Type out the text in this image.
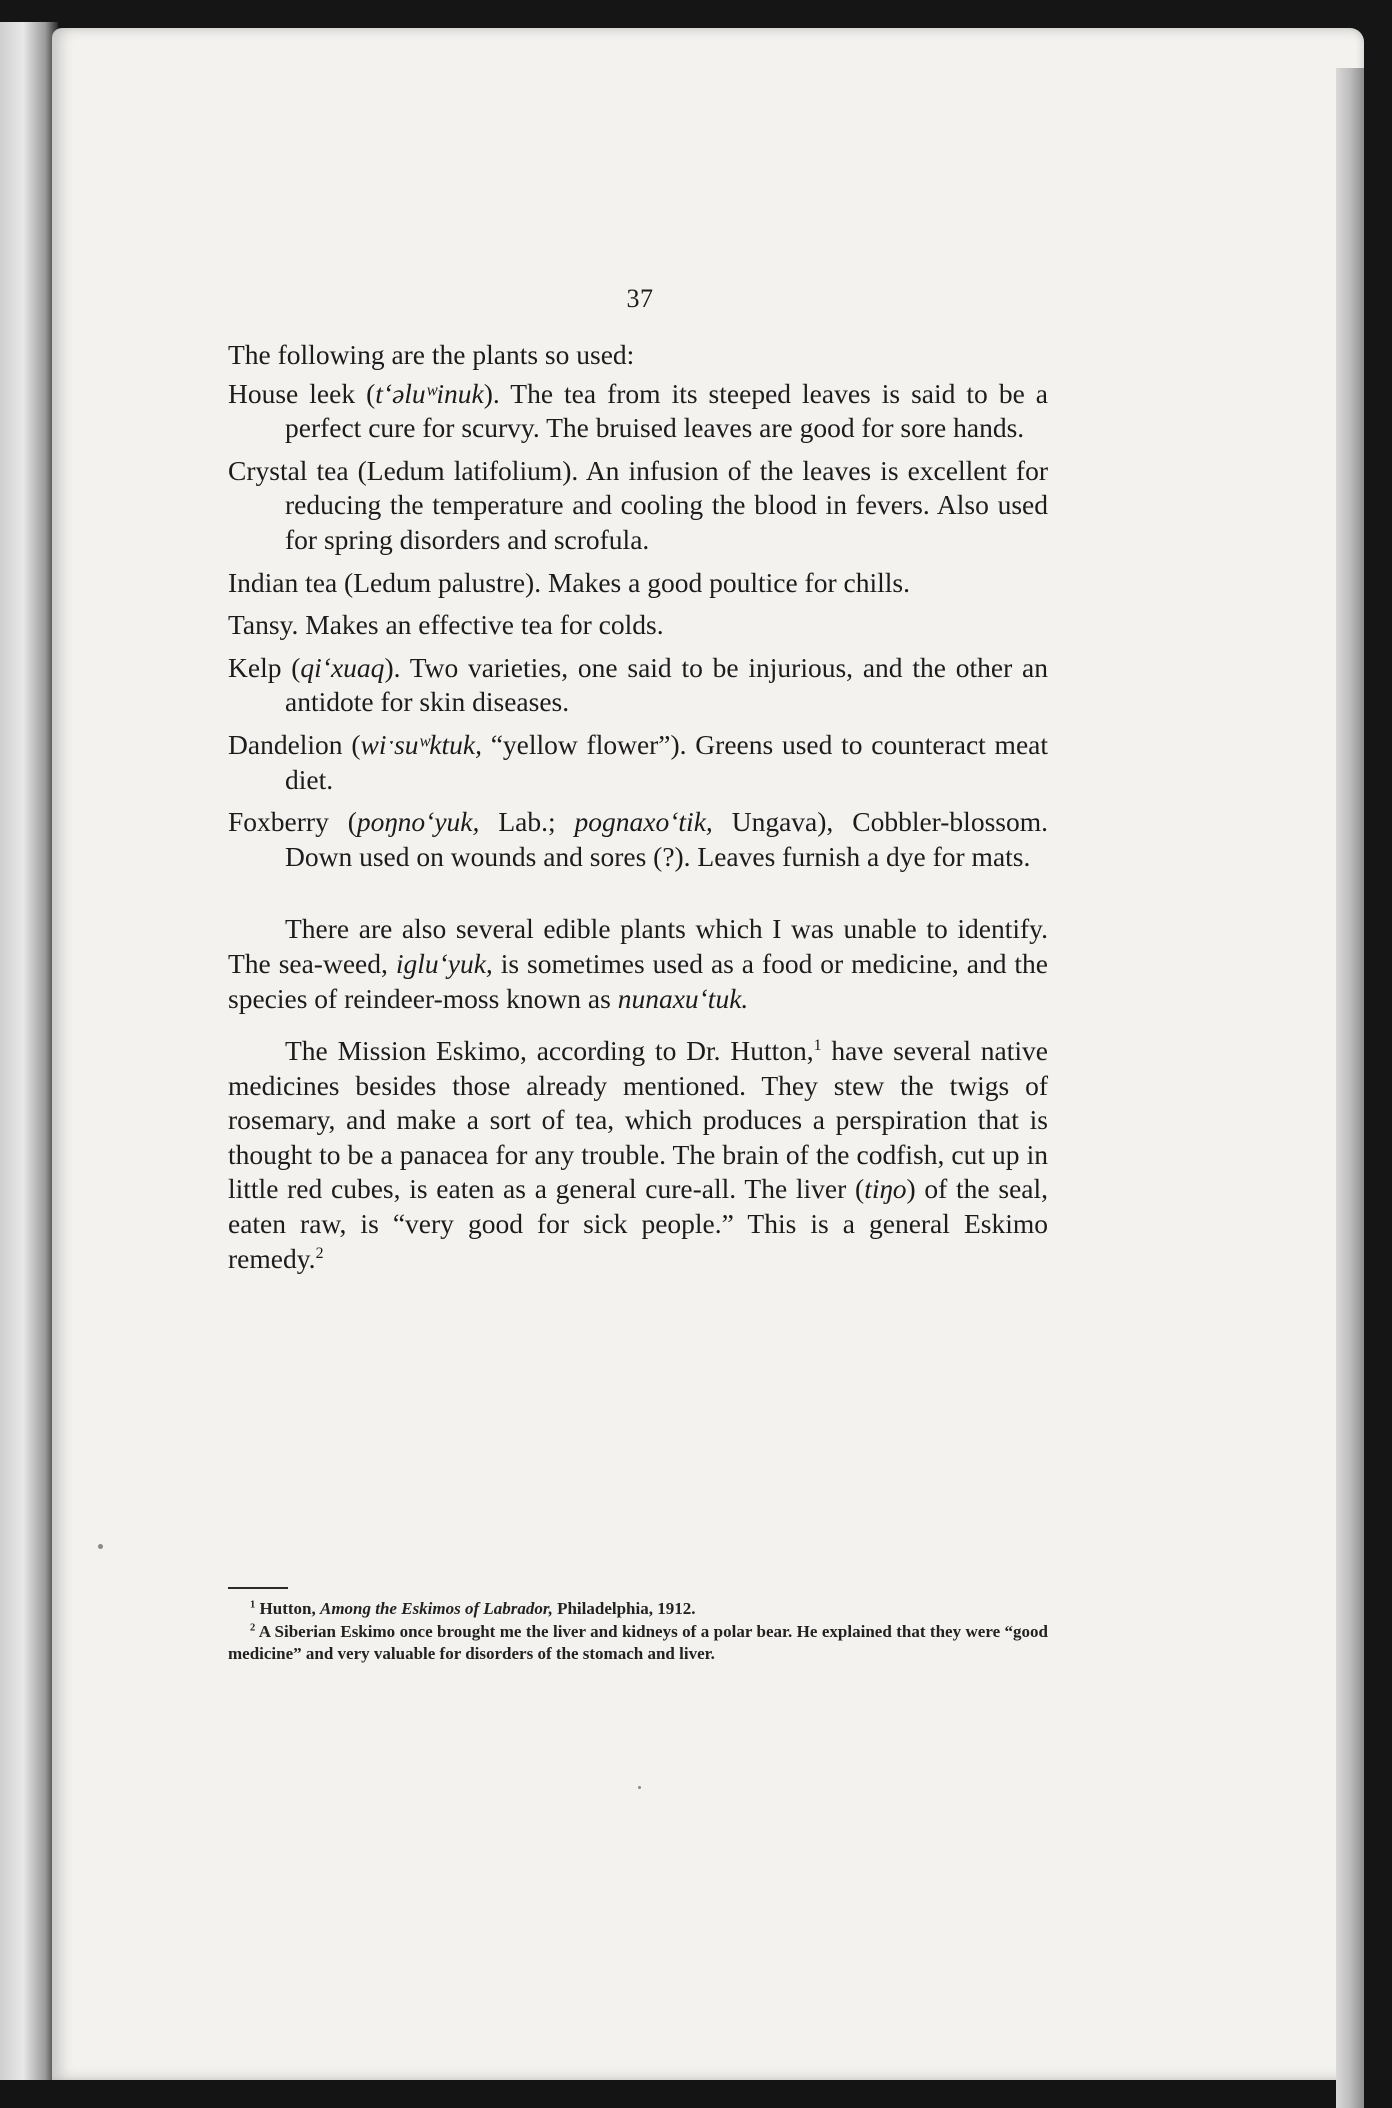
37

The following are the plants so used:

House leek (tʻəluʷinuk). The tea from its steeped leaves is said to be a perfect cure for scurvy. The bruised leaves are good for sore hands.

Crystal tea (Ledum latifolium). An infusion of the leaves is excellent for reducing the temperature and cooling the blood in fevers. Also used for spring disorders and scrofula.

Indian tea (Ledum palustre). Makes a good poultice for chills.

Tansy. Makes an effective tea for colds.

Kelp (qiʻxuaq). Two varieties, one said to be injurious, and the other an antidote for skin diseases.

Dandelion (wiˑsuʷktuk, “yellow flower”). Greens used to counteract meat diet.

Foxberry (poŋnoʻyuk, Lab.; pognaxoʻtik, Ungava), Cobbler-blossom. Down used on wounds and sores (?). Leaves furnish a dye for mats.

There are also several edible plants which I was unable to identify. The sea-weed, igluʻyuk, is sometimes used as a food or medicine, and the species of reindeer-moss known as nunaxuʻtuk.

The Mission Eskimo, according to Dr. Hutton,$^1$ have several native medicines besides those already mentioned. They stew the twigs of rosemary, and make a sort of tea, which produces a perspiration that is thought to be a panacea for any trouble. The brain of the codfish, cut up in little red cubes, is eaten as a general cure-all. The liver (tiŋo) of the seal, eaten raw, is “very good for sick people.” This is a general Eskimo remedy.$^2$

$^1$ Hutton, Among the Eskimos of Labrador, Philadelphia, 1912.

$^2$ A Siberian Eskimo once brought me the liver and kidneys of a polar bear. He explained that they were “good medicine” and very valuable for disorders of the stomach and liver.
